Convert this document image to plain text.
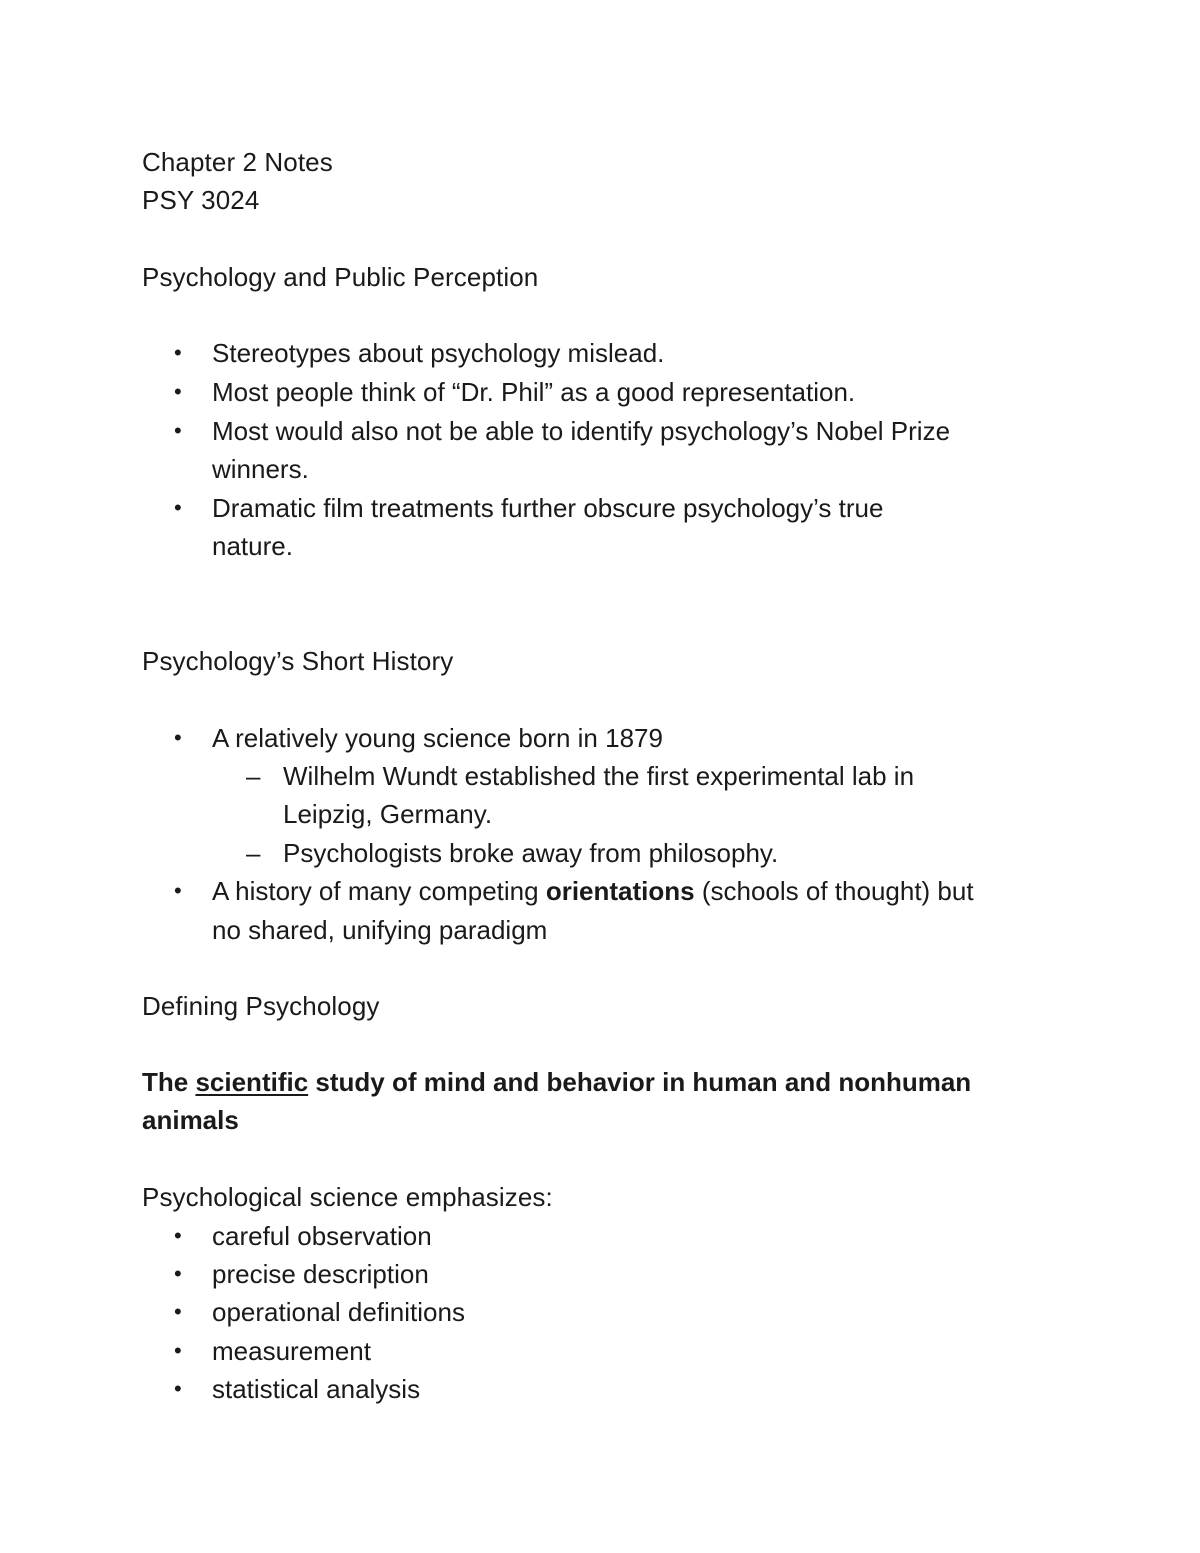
Chapter 2 Notes
PSY 3024
Psychology and Public Perception
• Stereotypes about psychology mislead.
• Most people think of “Dr. Phil” as a good representation.
• Most would also not be able to identify psychology’s Nobel Prize
winners.
• Dramatic film treatments further obscure psychology’s true
nature.
Psychology’s Short History
• A relatively young science born in 1879
– Wilhelm Wundt established the first experimental lab in
Leipzig, Germany.
– Psychologists broke away from philosophy.
• A history of many competing orientations (schools of thought) but
no shared, unifying paradigm
Defining Psychology
The scientific study of mind and behavior in human and nonhuman
animals
Psychological science emphasizes:
• careful observation
• precise description
• operational definitions
• measurement
• statistical analysis
